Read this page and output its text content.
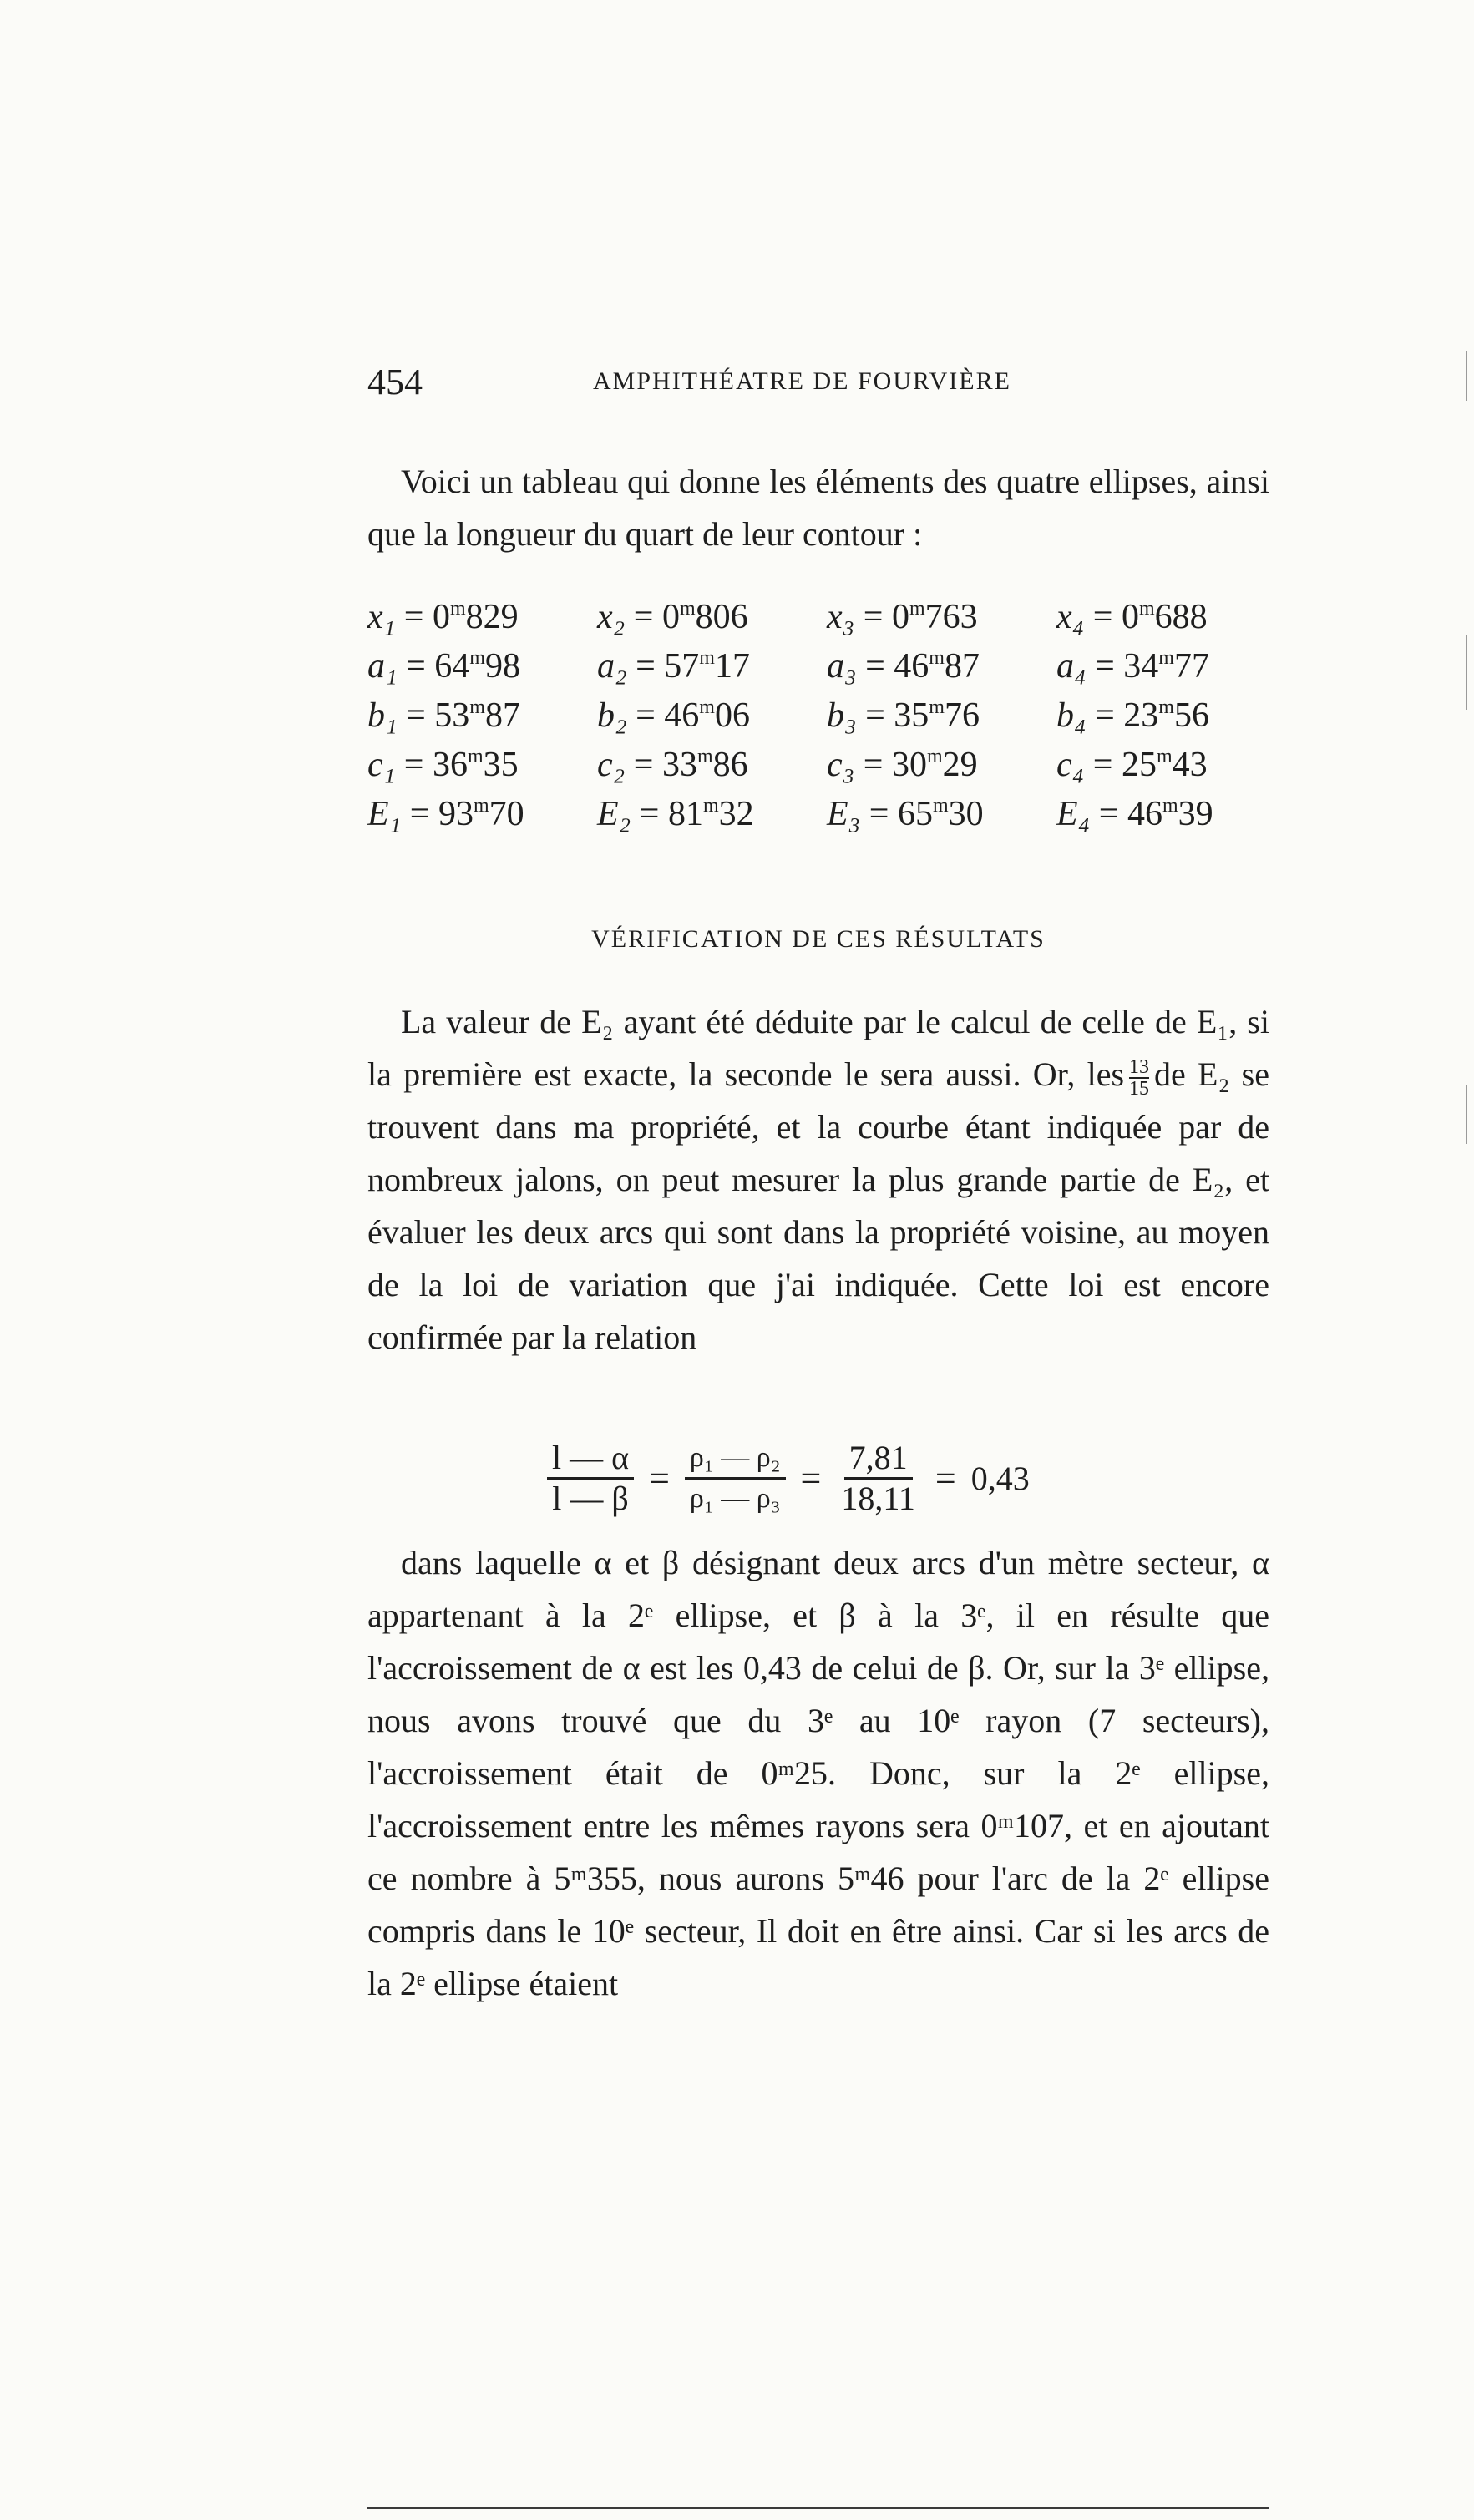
454	AMPHITHÉATRE DE FOURVIÈRE

Voici un tableau qui donne les éléments des quatre ellipses, ainsi que la longueur du quart de leur contour :

$x_1 = 0^m829$	$x_2 = 0^m806$	$x_3 = 0^m763$	$x_4 = 0^m688$
$a_1 = 64^m98$	$a_2 = 57^m17$	$a_3 = 46^m87$	$a_4 = 34^m77$
$b_1 = 53^m87$	$b_2 = 46^m06$	$b_3 = 35^m76$	$b_4 = 23^m56$
$c_1 = 36^m35$	$c_2 = 33^m86$	$c_3 = 30^m29$	$c_4 = 25^m43$
$E_1 = 93^m70$	$E_2 = 81^m32$	$E_3 = 65^m30$	$E_4 = 46^m39$
VÉRIFICATION DE CES RÉSULTATS

La valeur de E₂ ayant été déduite par le calcul de celle de E₁, si la première est exacte, la seconde le sera aussi. Or, les $\frac{13}{15}$ de E₂ se trouvent dans ma propriété, et la courbe étant indiquée par de nombreux jalons, on peut mesurer la plus grande partie de E₂, et évaluer les deux arcs qui sont dans la propriété voisine, au moyen de la loi de variation que j'ai indiquée. Cette loi est encore confirmée par la relation

$\frac{l — \alpha}{l — \beta} = \frac{\text{ρ₁ — ρ₂}}{\text{ρ₁ — ρ₃}} = \frac{7,81}{18,11} = 0,43$

dans laquelle α et β désignant deux arcs d'un mètre secteur, α appartenant à la 2ᵉ ellipse, et β à la 3ᵉ, il en résulte que l'accroissement de α est les 0,43 de celui de β. Or, sur la 3ᵉ ellipse, nous avons trouvé que du 3ᵉ au 10ᵉ rayon (7 secteurs), l'accroissement était de 0ᵐ25. Donc, sur la 2ᵉ ellipse, l'accroissement entre les mêmes rayons sera 0ᵐ107, et en ajoutant ce nombre à 5ᵐ355, nous aurons 5ᵐ46 pour l'arc de la 2ᵉ ellipse compris dans le 10ᵉ secteur, Il doit en être ainsi. Car si les arcs de la 2ᵉ ellipse étaient
